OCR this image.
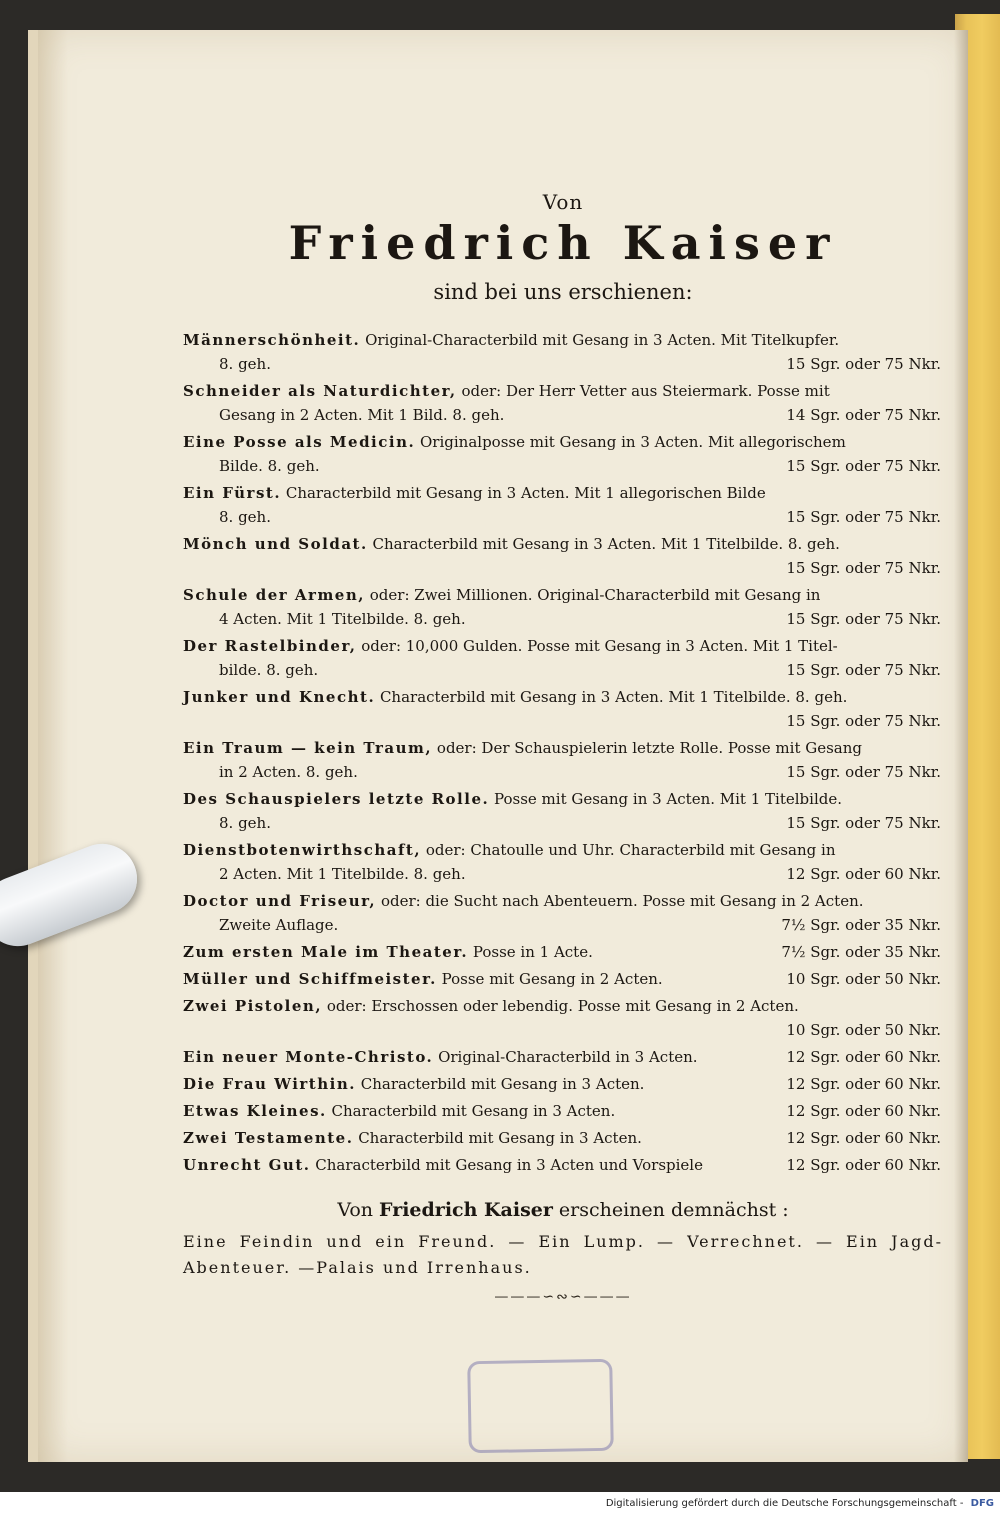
Von
Friedrich Kaiser
sind bei uns erschienen:
Männerschönheit. Original-Characterbild mit Gesang in 3 Acten. Mit Titelkupfer.
8. geh.	15 Sgr. oder 75 Nkr.
Schneider als Naturdichter, oder: Der Herr Vetter aus Steiermark. Posse mit
Gesang in 2 Acten. Mit 1 Bild. 8. geh.	14 Sgr. oder 75 Nkr.
Eine Posse als Medicin. Originalposse mit Gesang in 3 Acten. Mit allegorischem
Bilde. 8. geh.	15 Sgr. oder 75 Nkr.
Ein Fürst. Characterbild mit Gesang in 3 Acten. Mit 1 allegorischen Bilde
8. geh.	15 Sgr. oder 75 Nkr.
Mönch und Soldat. Characterbild mit Gesang in 3 Acten. Mit 1 Titelbilde. 8. geh.
15 Sgr. oder 75 Nkr.
Schule der Armen, oder: Zwei Millionen. Original-Characterbild mit Gesang in
4 Acten. Mit 1 Titelbilde. 8. geh.	15 Sgr. oder 75 Nkr.
Der Rastelbinder, oder: 10,000 Gulden. Posse mit Gesang in 3 Acten. Mit 1 Titel-
bilde. 8. geh.	15 Sgr. oder 75 Nkr.
Junker und Knecht. Characterbild mit Gesang in 3 Acten. Mit 1 Titelbilde. 8. geh.
15 Sgr. oder 75 Nkr.
Ein Traum — kein Traum, oder: Der Schauspielerin letzte Rolle. Posse mit Gesang
in 2 Acten. 8. geh.	15 Sgr. oder 75 Nkr.
Des Schauspielers letzte Rolle. Posse mit Gesang in 3 Acten. Mit 1 Titelbilde.
8. geh.	15 Sgr. oder 75 Nkr.
Dienstbotenwirthschaft, oder: Chatoulle und Uhr. Characterbild mit Gesang in
2 Acten. Mit 1 Titelbilde. 8. geh.	12 Sgr. oder 60 Nkr.
Doctor und Friseur, oder: die Sucht nach Abenteuern. Posse mit Gesang in 2 Acten.
Zweite Auflage.	7½ Sgr. oder 35 Nkr.
Zum ersten Male im Theater. Posse in 1 Acte.	7½ Sgr. oder 35 Nkr.
Müller und Schiffmeister. Posse mit Gesang in 2 Acten.	10 Sgr. oder 50 Nkr.
Zwei Pistolen, oder: Erschossen oder lebendig. Posse mit Gesang in 2 Acten.
10 Sgr. oder 50 Nkr.
Ein neuer Monte-Christo. Original-Characterbild in 3 Acten.	12 Sgr. oder 60 Nkr.
Die Frau Wirthin. Characterbild mit Gesang in 3 Acten.	12 Sgr. oder 60 Nkr.
Etwas Kleines. Characterbild mit Gesang in 3 Acten.	12 Sgr. oder 60 Nkr.
Zwei Testamente. Characterbild mit Gesang in 3 Acten.	12 Sgr. oder 60 Nkr.
Unrecht Gut. Characterbild mit Gesang in 3 Acten und Vorspiele	12 Sgr. oder 60 Nkr.
Von Friedrich Kaiser erscheinen demnächst :
Eine Feindin und ein Freund. — Ein Lump. — Verrechnet. — Ein Jagd-Abenteuer. —Palais und Irrenhaus.
———∽∾∽———
Digitalisierung gefördert durch die Deutsche Forschungsgemeinschaft - DFG
